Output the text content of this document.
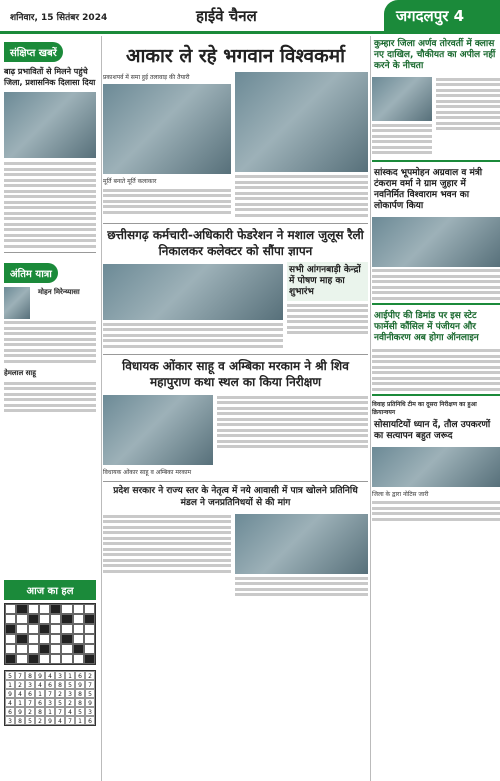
शनिवार, 15 सितंबर 2024	हाईवे चैनल	जगदलपुर 4
संक्षिप्त खबरें
बाढ़ प्रभावितों से मिलने पहुंचे जिला, प्रशासनिक दिलासा दिया
अंतिम यात्रा
मोहन मिरेन्य्यासा
हेमलाल साहू
आज का हल
5	7	8	9	4	3	1	6	2
1	2	3	4	6	8	5	9	7
9	4	6	1	7	2	3	8	5
4	1	7	6	3	5	2	8	9
6	9	2	8	1	7	4	5	3
3	8	5	2	9	4	7	1	6
आकार ले रहे भगवान विश्वकर्मा
प्रकाशपर्व में समा हुई तलावाड़ की तैयारी
मूर्ति बनाते मूर्ति कलाकार
छत्तीसगढ़ कर्मचारी-अधिकारी फेडरेशन ने मशाल जुलूस रैली निकालकर कलेक्टर को सौंपा ज्ञापन
सभी आंगनबाड़ी केन्द्रों में पोषण माह का शुभारंभ
विधायक ओंकार साहू व अम्बिका मरकाम ने श्री शिव महापुराण कथा स्थल का किया निरीक्षण
विधायक ओंकार साहू व अम्बिका मरकाम
प्रदेश सरकार ने राज्य स्तर के नेतृत्व में नये आवासी में पात्र खोलने प्रतिनिधि मंडल ने जनप्रतिनिधयों से की मांग
कुम्हार जिला अर्णव तोरवर्ती में क्लास नए दाखिल, चौकीयत का अपील नहीं करने के नीचता
सांस्कद भूपमोहन अग्रवाल व मंत्री टंकराम वर्मा ने ग्राम जुहार में नवनिर्मित विश्वाराम भवन का लोकार्पण किया
आईपीए की डिमांड पर इस स्टेट फार्मेसी कौंसिल में पंजीयन और नवीनीकरण अब होगा ऑनलाइन
विवाह प्रतिनिधि टीम का दूसरा निरीक्षण का हुआ क्रियान्वयन
सोसायटियों ध्यान दें, तौल उपकरणों का सत्यापन बहुत जरूद
जिला के द्वारा नोटिस जारी
